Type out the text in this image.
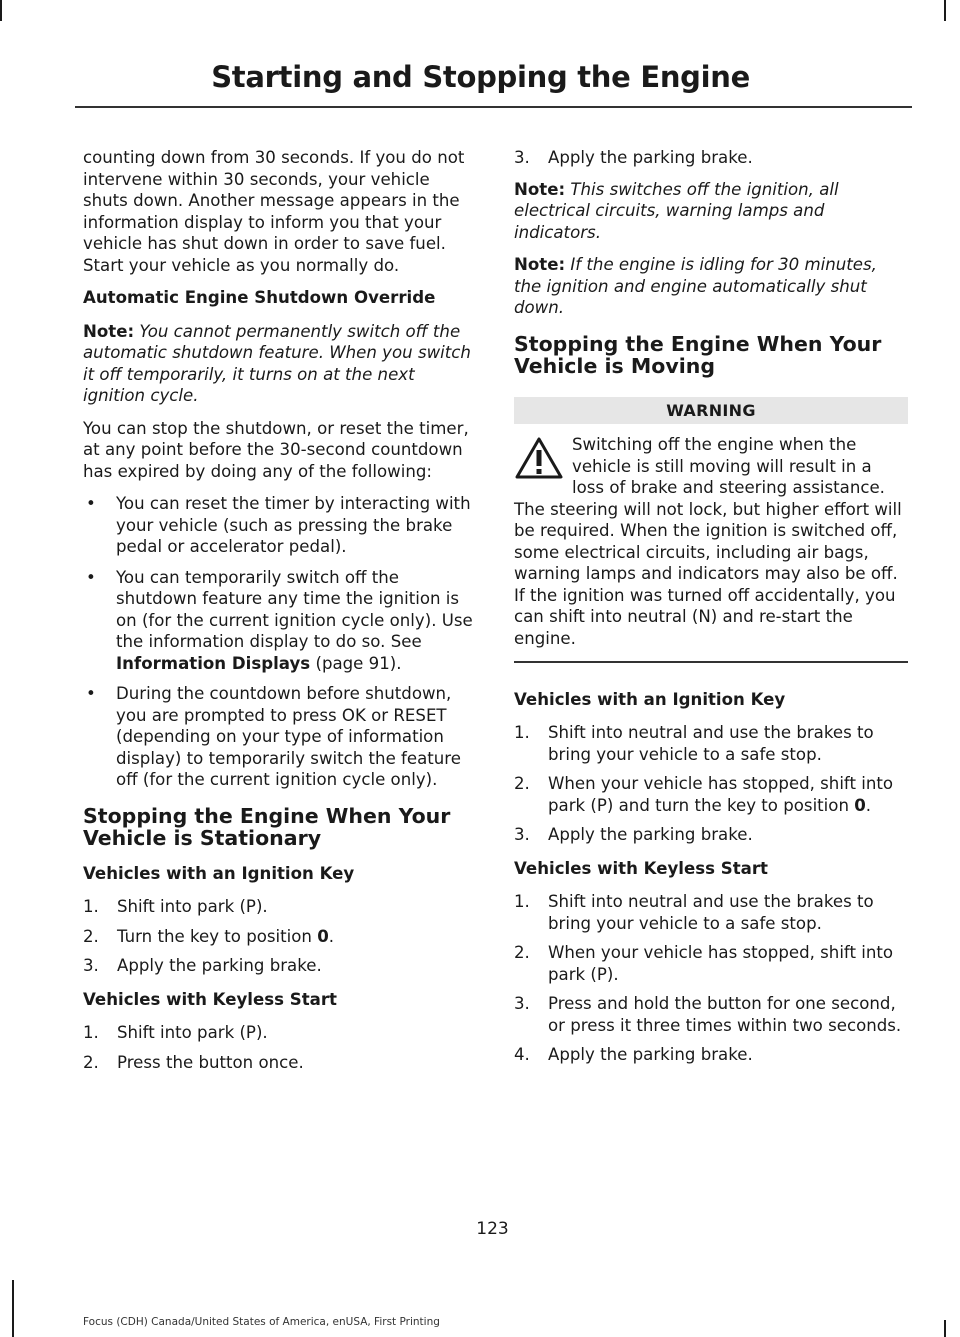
Starting and Stopping the Engine

counting down from 30 seconds. If you do not intervene within 30 seconds, your vehicle shuts down. Another message appears in the information display to inform you that your vehicle has shut down in order to save fuel. Start your vehicle as you normally do.

Automatic Engine Shutdown Override

Note: You cannot permanently switch off the automatic shutdown feature. When you switch it off temporarily, it turns on at the next ignition cycle.

You can stop the shutdown, or reset the timer, at any point before the 30-second countdown has expired by doing any of the following:

• You can reset the timer by interacting with your vehicle (such as pressing the brake pedal or accelerator pedal).
• You can temporarily switch off the shutdown feature any time the ignition is on (for the current ignition cycle only). Use the information display to do so. See Information Displays (page 91).
• During the countdown before shutdown, you are prompted to press OK or RESET (depending on your type of information display) to temporarily switch the feature off (for the current ignition cycle only).

Stopping the Engine When Your Vehicle is Stationary

Vehicles with an Ignition Key

1. Shift into park (P).
2. Turn the key to position 0.
3. Apply the parking brake.

Vehicles with Keyless Start

1. Shift into park (P).
2. Press the button once.
3. Apply the parking brake.

Note: This switches off the ignition, all electrical circuits, warning lamps and indicators.

Note: If the engine is idling for 30 minutes, the ignition and engine automatically shut down.

Stopping the Engine When Your Vehicle is Moving

WARNING

Switching off the engine when the vehicle is still moving will result in a loss of brake and steering assistance. The steering will not lock, but higher effort will be required. When the ignition is switched off, some electrical circuits, including air bags, warning lamps and indicators may also be off. If the ignition was turned off accidentally, you can shift into neutral (N) and re-start the engine.

Vehicles with an Ignition Key

1. Shift into neutral and use the brakes to bring your vehicle to a safe stop.
2. When your vehicle has stopped, shift into park (P) and turn the key to position 0.
3. Apply the parking brake.

Vehicles with Keyless Start

1. Shift into neutral and use the brakes to bring your vehicle to a safe stop.
2. When your vehicle has stopped, shift into park (P).
3. Press and hold the button for one second, or press it three times within two seconds.
4. Apply the parking brake.
123
Focus (CDH) Canada/United States of America, enUSA, First Printing
